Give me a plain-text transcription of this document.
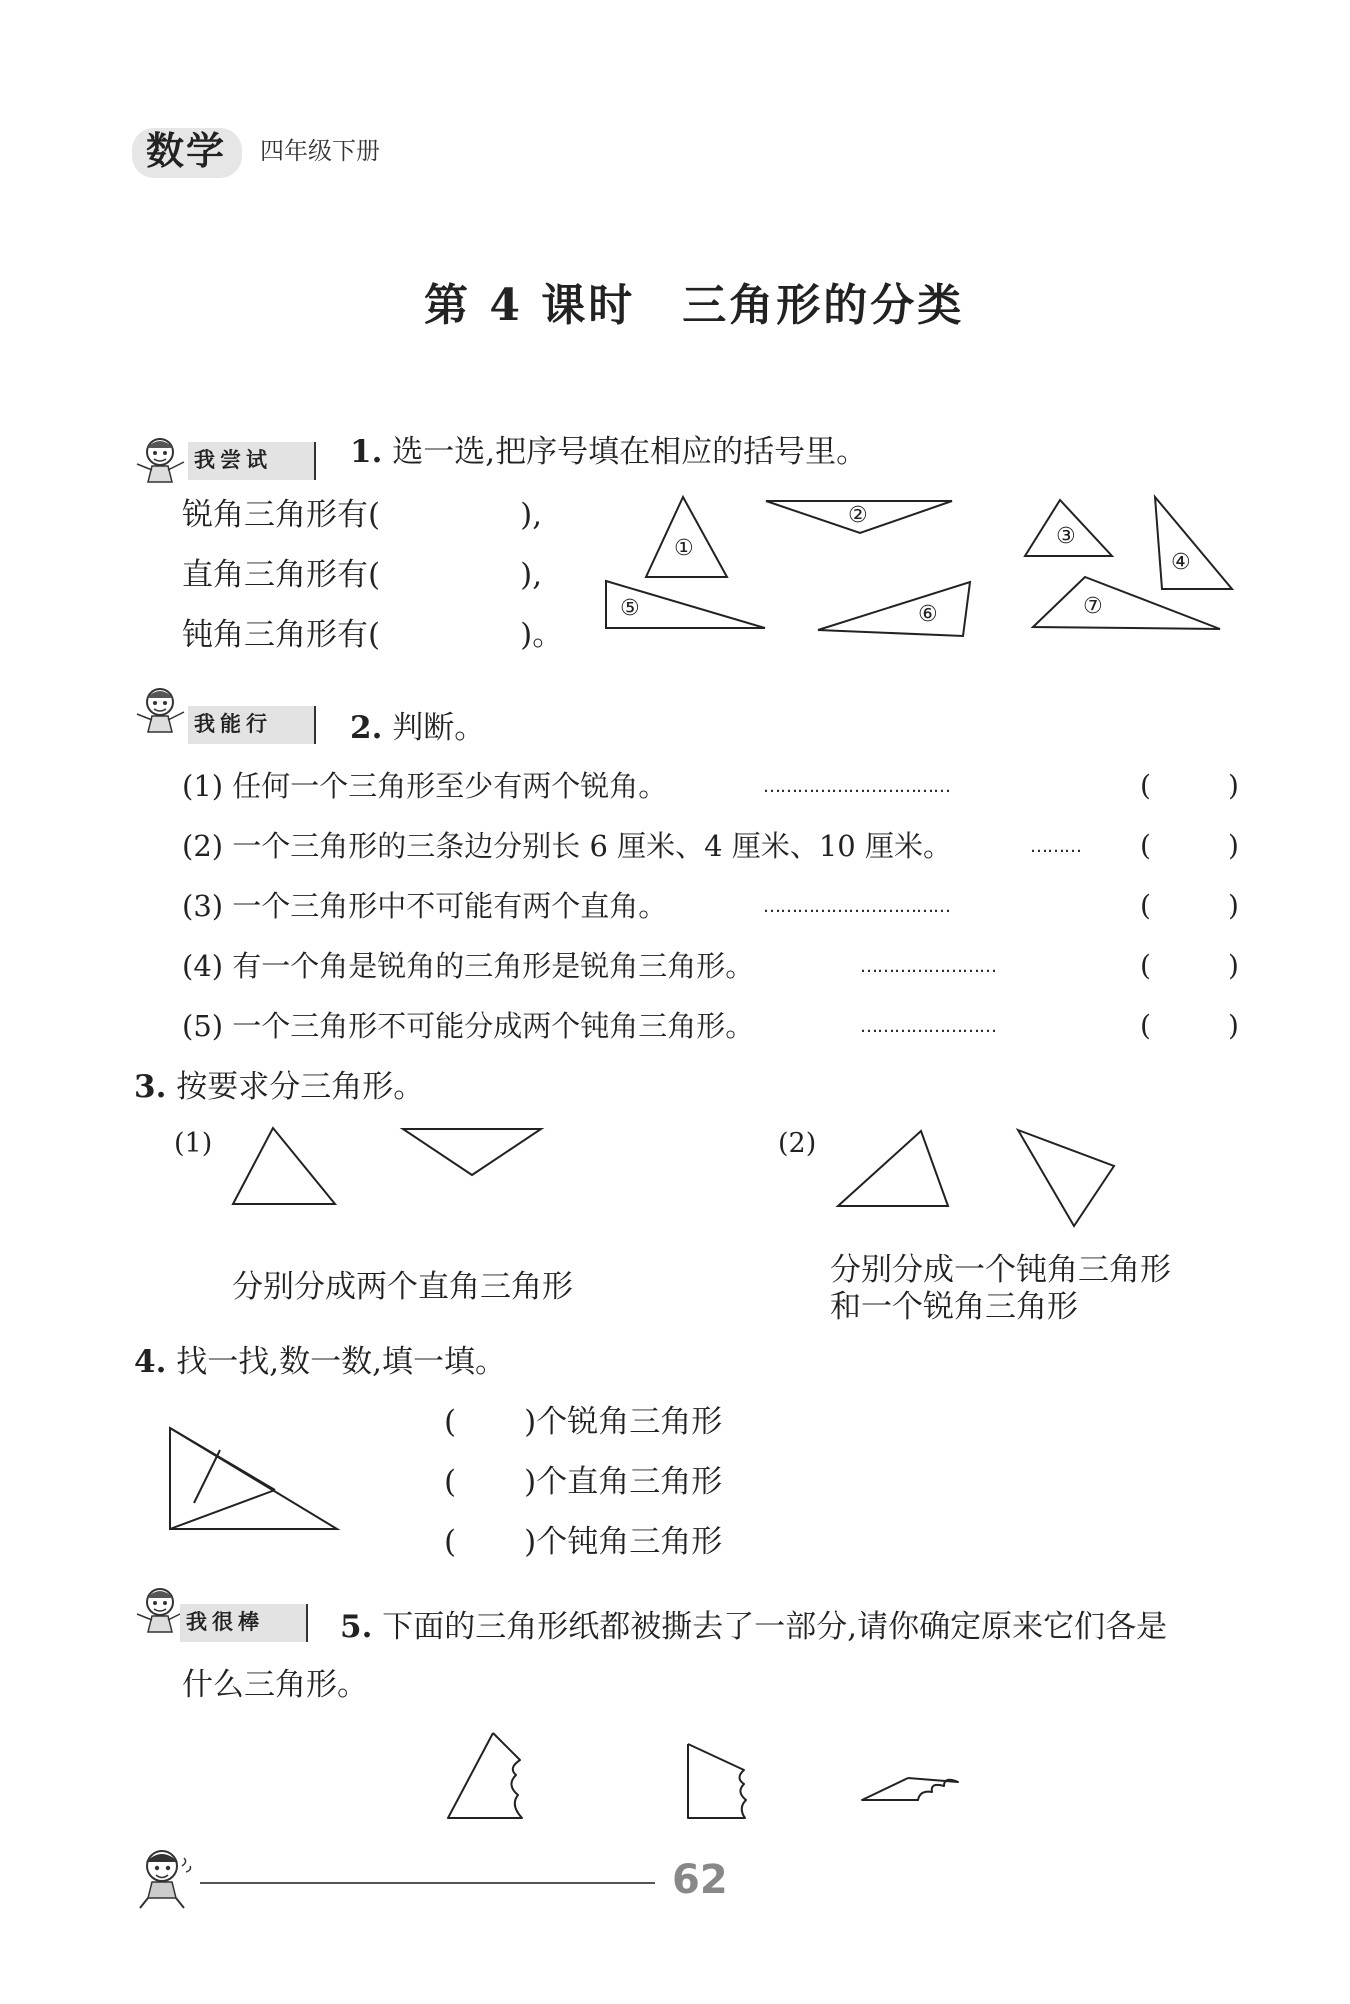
数学 四年级下册
第 4 课时　三角形的分类
我尝试	1. 选一选,把序号填在相应的括号里。
锐角三角形有(	),
直角三角形有(	),
钝角三角形有(	)。
①
②
③
④
⑤	⑥	⑦
我能行	2. 判断。
(1) 任何一个三角形至少有两个锐角。	……………………………	(	)
(2) 一个三角形的三条边分别长 6 厘米、4 厘米、10 厘米。	……… (	)
(3) 一个三角形中不可能有两个直角。	……………………………	(	)
(4) 有一个角是锐角的三角形是锐角三角形。	……………………	(	)
(5) 一个三角形不可能分成两个钝角三角形。	……………………	(	)
3. 按要求分三角形。
(1)	(2)
分别分成两个直角三角形	分别分成一个钝角三角形
和一个锐角三角形
4. 找一找,数一数,填一填。
( )个锐角三角形
( )个直角三角形
( )个钝角三角形
我很棒 5. 下面的三角形纸都被撕去了一部分,请你确定原来它们各是
什么三角形。
62
